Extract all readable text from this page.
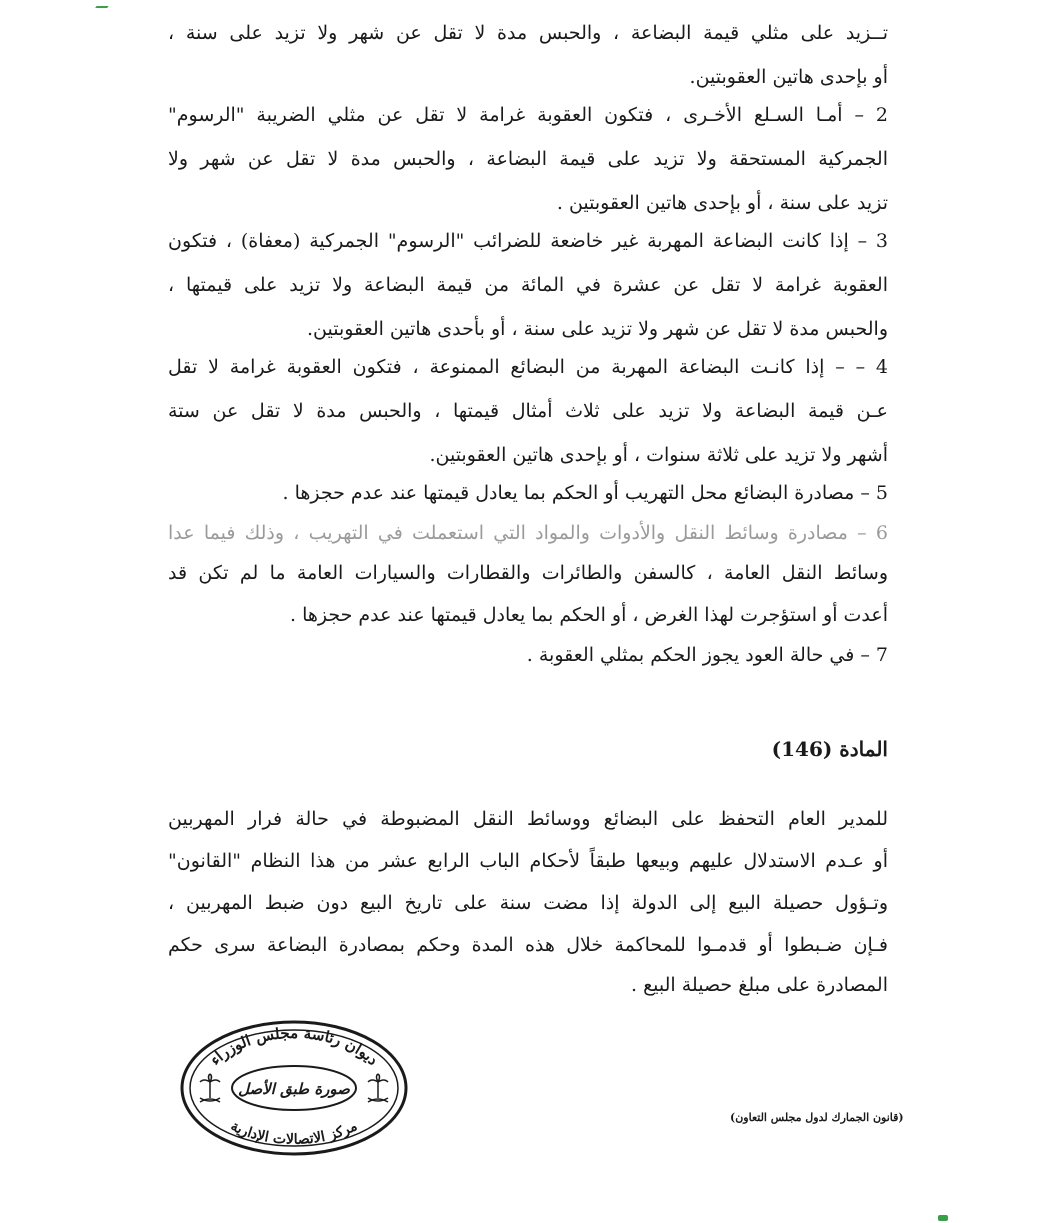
تــزيد على مثلي قيمة البضاعة ، والحبس مدة لا تقل عن شهر ولا تزيد على سنة ،
أو بإحدى هاتين العقوبتين.
2 – أمـا السـلع الأخـرى ، فتكون العقوبة غرامة لا تقل عن مثلي الضريبة "الرسوم"
الجمركية المستحقة ولا تزيد على قيمة البضاعة ، والحبس مدة لا تقل عن شهر ولا
تزيد على سنة ، أو بإحدى هاتين العقوبتين .
3 – إذا كانت البضاعة المهربة غير خاضعة للضرائب "الرسوم" الجمركية (معفاة) ، فتكون
العقوبة غرامة لا تقل عن عشرة في المائة من قيمة البضاعة ولا تزيد على قيمتها ،
والحبس مدة لا تقل عن شهر ولا تزيد على سنة ، أو بأحدى هاتين العقوبتين.
4 – – إذا كانـت البضاعة المهربة من البضائع الممنوعة ، فتكون العقوبة غرامة لا تقل
عـن قيمة البضاعة ولا تزيد على ثلاث أمثال قيمتها ، والحبس مدة لا تقل عن ستة
أشهر ولا تزيد على ثلاثة سنوات ، أو بإحدى هاتين العقوبتين.
5 – مصادرة البضائع محل التهريب أو الحكم بما يعادل قيمتها عند عدم حجزها .
6 – مصادرة وسائط النقل والأدوات والمواد التي استعملت في التهريب ، وذلك فيما عدا
وسائط النقل العامة ، كالسفن والطائرات والقطارات والسيارات العامة ما لم تكن قد
أعدت أو استؤجرت لهذا الغرض ، أو الحكم بما يعادل قيمتها عند عدم حجزها .
7 – في حالة العود يجوز الحكم بمثلي العقوبة .
للمدير العام التحفظ على البضائع ووسائط النقل المضبوطة في حالة فرار المهربين
أو عـدم الاستدلال عليهم وبيعها طبقاً لأحكام الباب الرابع عشر من هذا النظام "القانون"
وتـؤول حصيلة البيع إلى الدولة إذا مضت سنة على تاريخ البيع دون ضبط المهربين ،
فـإن ضـبطوا أو قدمـوا للمحاكمة خلال هذه المدة وحكم بمصادرة البضاعة سرى حكم
المصادرة على مبلغ حصيلة البيع .
المادة (146)
ديوان رئاسة مجلس الوزراء
صورة طبق الأصل
مركز الاتصالات الإدارية
(قانون الجمارك لدول مجلس التعاون)
